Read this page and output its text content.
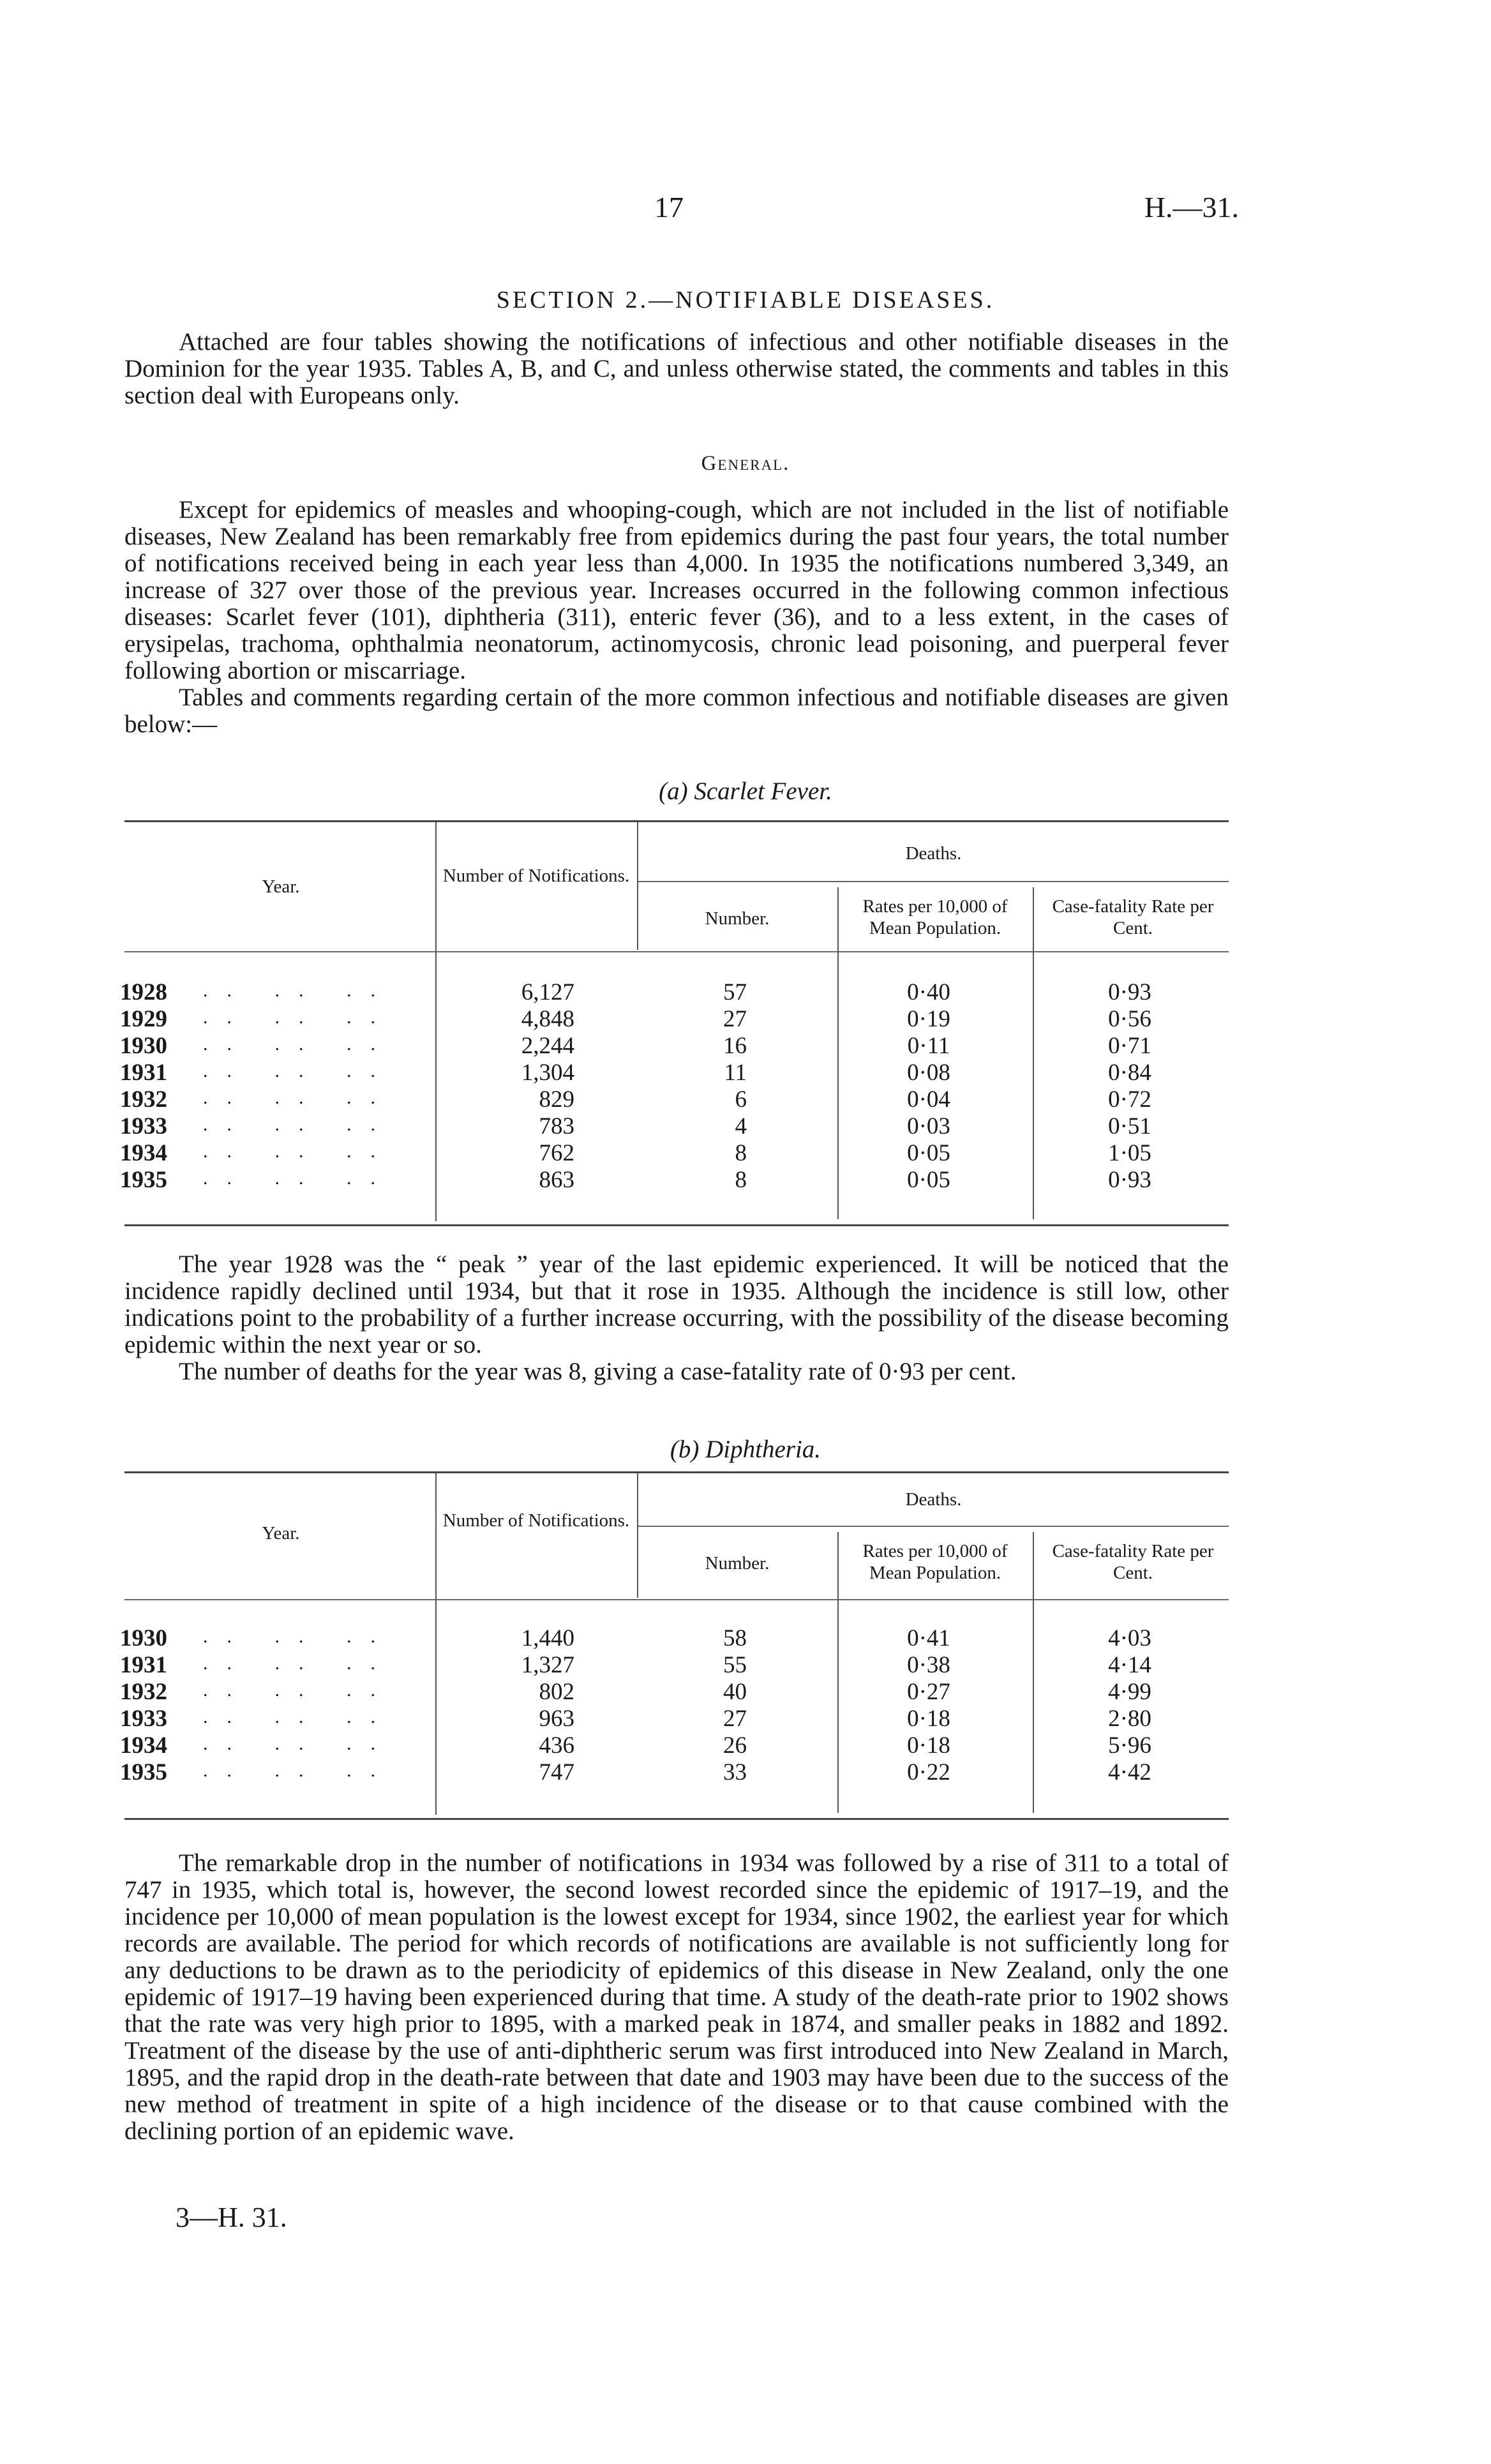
17	H.—31.
SECTION 2.—NOTIFIABLE DISEASES.

Attached are four tables showing the notifications of infectious and other notifiable diseases in the Dominion for the year 1935. Tables A, B, and C, and unless otherwise stated, the comments and tables in this section deal with Europeans only.

General.

Except for epidemics of measles and whooping-cough, which are not included in the list of notifiable diseases, New Zealand has been remarkably free from epidemics during the past four years, the total number of notifications received being in each year less than 4,000. In 1935 the notifications numbered 3,349, an increase of 327 over those of the previous year. Increases occurred in the following common infectious diseases: Scarlet fever (101), diphtheria (311), enteric fever (36), and to a less extent, in the cases of erysipelas, trachoma, ophthalmia neonatorum, actinomycosis, chronic lead poisoning, and puerperal fever following abortion or miscarriage.

Tables and comments regarding certain of the more common infectious and notifiable diseases are given below:—

(a) Scarlet Fever.
Year.
Number of Notifications.
Deaths.
Number.
Rates per 10,000 of Mean Population.
Case-fatality Rate per Cent.
1928	.. .. ..	6,127	57	0·40	0·93
1929	.. .. ..	4,848	27	0·19	0·56
1930	.. .. ..	2,244	16	0·11	0·71
1931	.. .. ..	1,304	11	0·08	0·84
1932	.. .. ..	829	6	0·04	0·72
1933	.. .. ..	783	4	0·03	0·51
1934	.. .. ..	762	8	0·05	1·05
1935	.. .. ..	863	8	0·05	0·93

The year 1928 was the “ peak ” year of the last epidemic experienced. It will be noticed that the incidence rapidly declined until 1934, but that it rose in 1935. Although the incidence is still low, other indications point to the probability of a further increase occurring, with the possibility of the disease becoming epidemic within the next year or so.

The number of deaths for the year was 8, giving a case-fatality rate of 0·93 per cent.

(b) Diphtheria.
Year.
Number of Notifications.
Deaths.
Number.
Rates per 10,000 of Mean Population.
Case-fatality Rate per Cent.
1930	.. .. ..	1,440	58	0·41	4·03
1931	.. .. ..	1,327	55	0·38	4·14
1932	.. .. ..	802	40	0·27	4·99
1933	.. .. ..	963	27	0·18	2·80
1934	.. .. ..	436	26	0·18	5·96
1935	.. .. ..	747	33	0·22	4·42

The remarkable drop in the number of notifications in 1934 was followed by a rise of 311 to a total of 747 in 1935, which total is, however, the second lowest recorded since the epidemic of 1917–19, and the incidence per 10,000 of mean population is the lowest except for 1934, since 1902, the earliest year for which records are available. The period for which records of notifications are available is not sufficiently long for any deductions to be drawn as to the periodicity of epidemics of this disease in New Zealand, only the one epidemic of 1917–19 having been experienced during that time. A study of the death-rate prior to 1902 shows that the rate was very high prior to 1895, with a marked peak in 1874, and smaller peaks in 1882 and 1892. Treatment of the disease by the use of anti-diphtheric serum was first introduced into New Zealand in March, 1895, and the rapid drop in the death-rate between that date and 1903 may have been due to the success of the new method of treatment in spite of a high incidence of the disease or to that cause combined with the declining portion of an epidemic wave.

3—H. 31.
